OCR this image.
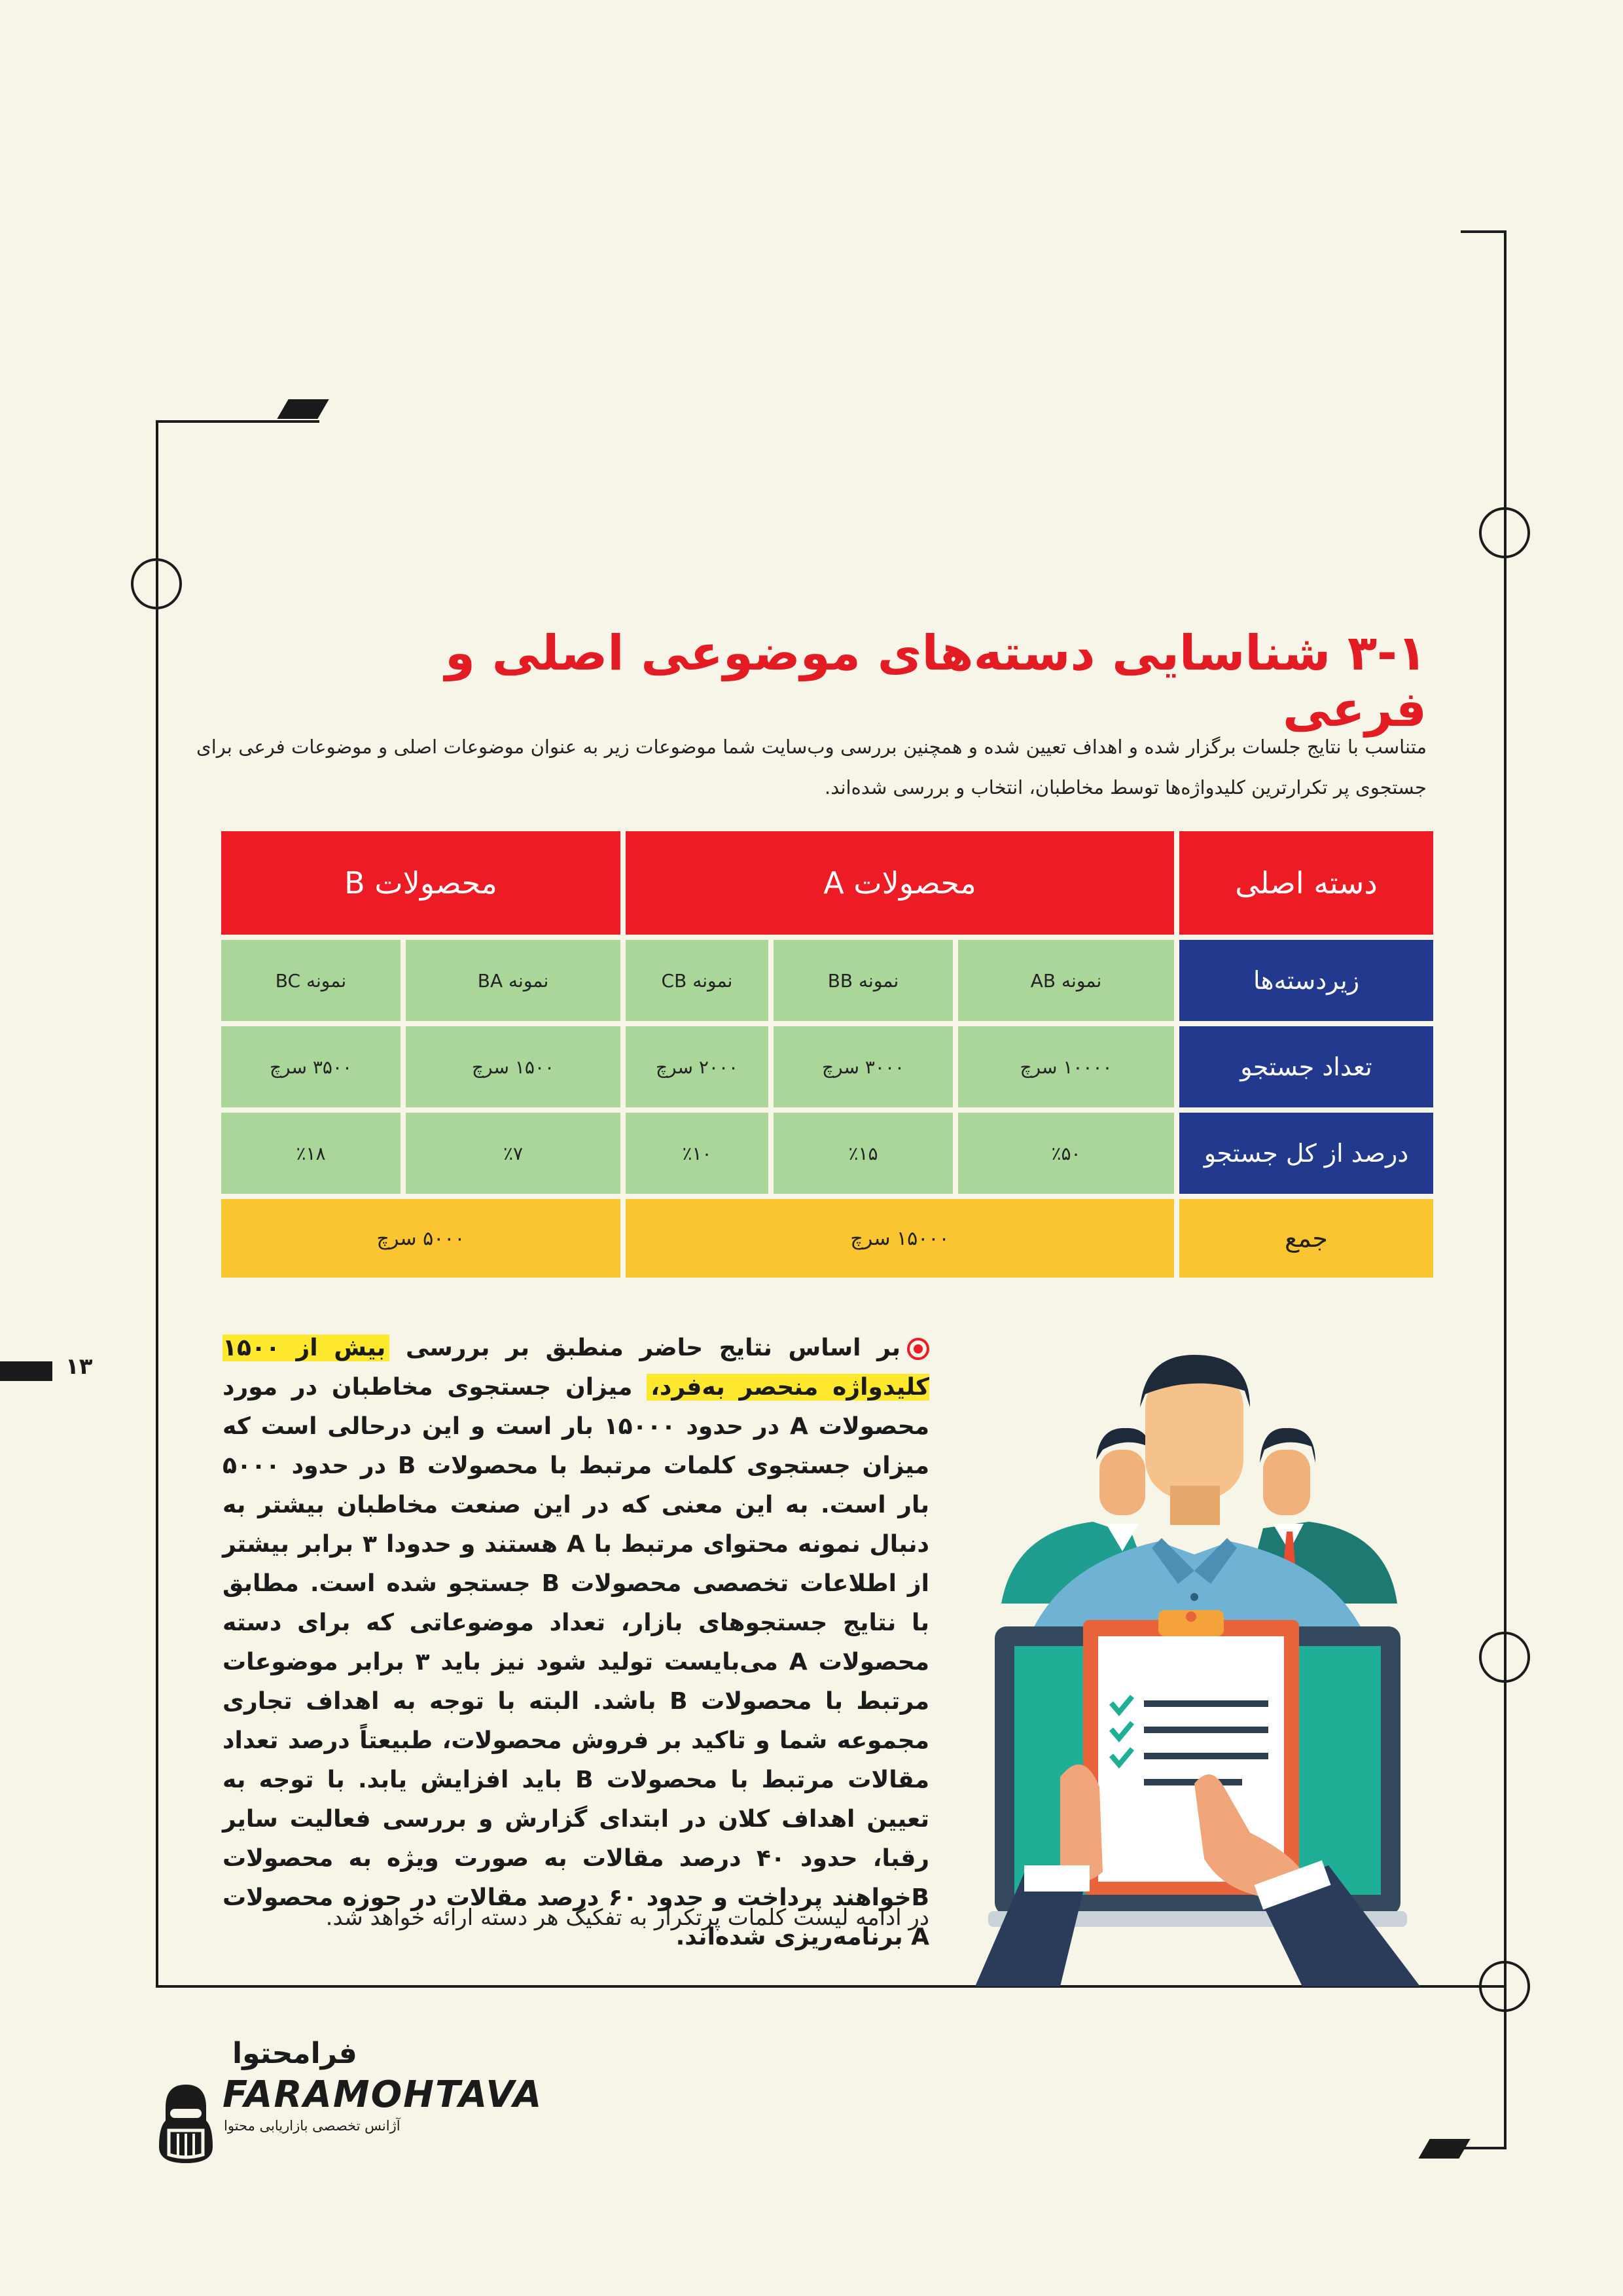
۱۳
۳-۱ شناسایی دسته‌های موضوعی اصلی و فرعی
متناسب با نتایج جلسات برگزار شده و اهداف تعیین شده و همچنین بررسی وب‌سایت شما موضوعات زیر به عنوان موضوعات اصلی و موضوعات فرعی برای جستجوی پر تکرارترین کلیدواژه‌ها توسط مخاطبان، انتخاب و بررسی شده‌اند.
دسته اصلی
محصولات A
محصولات B
زیردسته‌ها
نمونه AB
نمونه BB
نمونه CB
نمونه BA
نمونه BC
تعداد جستجو
۱۰۰۰۰ سرچ
۳۰۰۰ سرچ
۲۰۰۰ سرچ
۱۵۰۰ سرچ
۳۵۰۰ سرچ
درصد از کل جستجو
٪۵۰
٪۱۵
٪۱۰
٪۷
٪۱۸
جمع
۱۵۰۰۰ سرچ
۵۰۰۰ سرچ
بر اساس نتایج حاضر منطبق بر بررسی بیش از ۱۵۰۰ کلیدواژه منحصر به‌فرد، میزان جستجوی مخاطبان در مورد محصولات A در حدود ۱۵۰۰۰ بار است و این درحالی است که میزان جستجوی کلمات مرتبط با محصولات B در حدود ۵۰۰۰ بار است. به این معنی که در این صنعت مخاطبان بیشتر به دنبال نمونه محتوای مرتبط با A هستند و حدودا ۳ برابر بیشتر از اطلاعات تخصصی محصولات B جستجو شده است. مطابق با نتایج جستجوهای بازار، تعداد موضوعاتی که برای دسته محصولات A می‌بایست تولید شود نیز باید ۳ برابر موضوعات مرتبط با محصولات B باشد. البته با توجه به اهداف تجاری مجموعه شما و تاکید بر فروش محصولات، طبیعتاً درصد تعداد مقالات مرتبط با محصولات B باید افزایش یابد. با توجه به تعیین اهداف کلان در ابتدای گزارش و بررسی فعالیت سایر رقبا، حدود ۴۰ درصد مقالات به صورت ویژه به محصولات Bخواهند پرداخت و حدود ۶۰ درصد مقالات در حوزه محصولات A برنامه‌ریزی شده‌اند.
در ادامه لیست کلمات پرتکرار به تفکیک هر دسته ارائه خواهد شد.
فرامحتوا
FARAMOHTAVA
آژانس تخصصی بازاریابی محتوا
